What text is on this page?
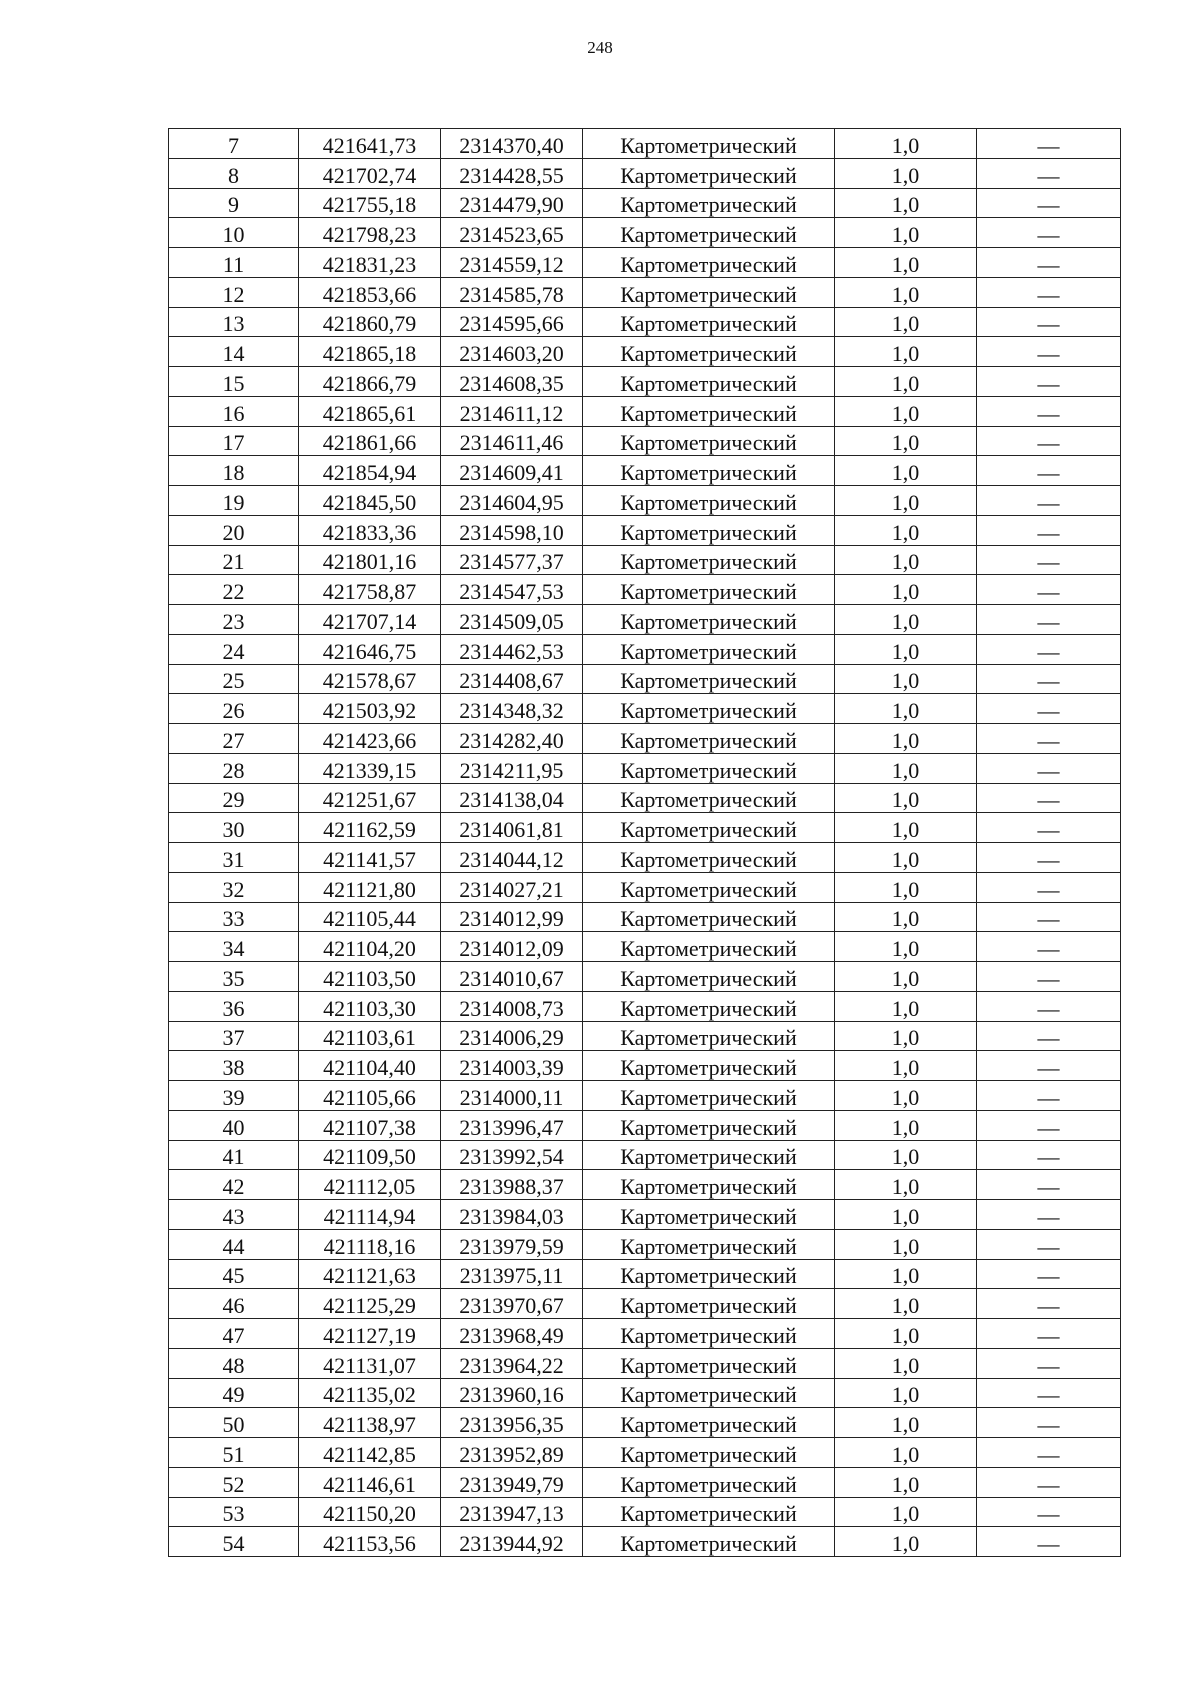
248
7	421641,73	2314370,40	Картометрический	1,0	—
8	421702,74	2314428,55	Картометрический	1,0	—
9	421755,18	2314479,90	Картометрический	1,0	—
10	421798,23	2314523,65	Картометрический	1,0	—
11	421831,23	2314559,12	Картометрический	1,0	—
12	421853,66	2314585,78	Картометрический	1,0	—
13	421860,79	2314595,66	Картометрический	1,0	—
14	421865,18	2314603,20	Картометрический	1,0	—
15	421866,79	2314608,35	Картометрический	1,0	—
16	421865,61	2314611,12	Картометрический	1,0	—
17	421861,66	2314611,46	Картометрический	1,0	—
18	421854,94	2314609,41	Картометрический	1,0	—
19	421845,50	2314604,95	Картометрический	1,0	—
20	421833,36	2314598,10	Картометрический	1,0	—
21	421801,16	2314577,37	Картометрический	1,0	—
22	421758,87	2314547,53	Картометрический	1,0	—
23	421707,14	2314509,05	Картометрический	1,0	—
24	421646,75	2314462,53	Картометрический	1,0	—
25	421578,67	2314408,67	Картометрический	1,0	—
26	421503,92	2314348,32	Картометрический	1,0	—
27	421423,66	2314282,40	Картометрический	1,0	—
28	421339,15	2314211,95	Картометрический	1,0	—
29	421251,67	2314138,04	Картометрический	1,0	—
30	421162,59	2314061,81	Картометрический	1,0	—
31	421141,57	2314044,12	Картометрический	1,0	—
32	421121,80	2314027,21	Картометрический	1,0	—
33	421105,44	2314012,99	Картометрический	1,0	—
34	421104,20	2314012,09	Картометрический	1,0	—
35	421103,50	2314010,67	Картометрический	1,0	—
36	421103,30	2314008,73	Картометрический	1,0	—
37	421103,61	2314006,29	Картометрический	1,0	—
38	421104,40	2314003,39	Картометрический	1,0	—
39	421105,66	2314000,11	Картометрический	1,0	—
40	421107,38	2313996,47	Картометрический	1,0	—
41	421109,50	2313992,54	Картометрический	1,0	—
42	421112,05	2313988,37	Картометрический	1,0	—
43	421114,94	2313984,03	Картометрический	1,0	—
44	421118,16	2313979,59	Картометрический	1,0	—
45	421121,63	2313975,11	Картометрический	1,0	—
46	421125,29	2313970,67	Картометрический	1,0	—
47	421127,19	2313968,49	Картометрический	1,0	—
48	421131,07	2313964,22	Картометрический	1,0	—
49	421135,02	2313960,16	Картометрический	1,0	—
50	421138,97	2313956,35	Картометрический	1,0	—
51	421142,85	2313952,89	Картометрический	1,0	—
52	421146,61	2313949,79	Картометрический	1,0	—
53	421150,20	2313947,13	Картометрический	1,0	—
54	421153,56	2313944,92	Картометрический	1,0	—
